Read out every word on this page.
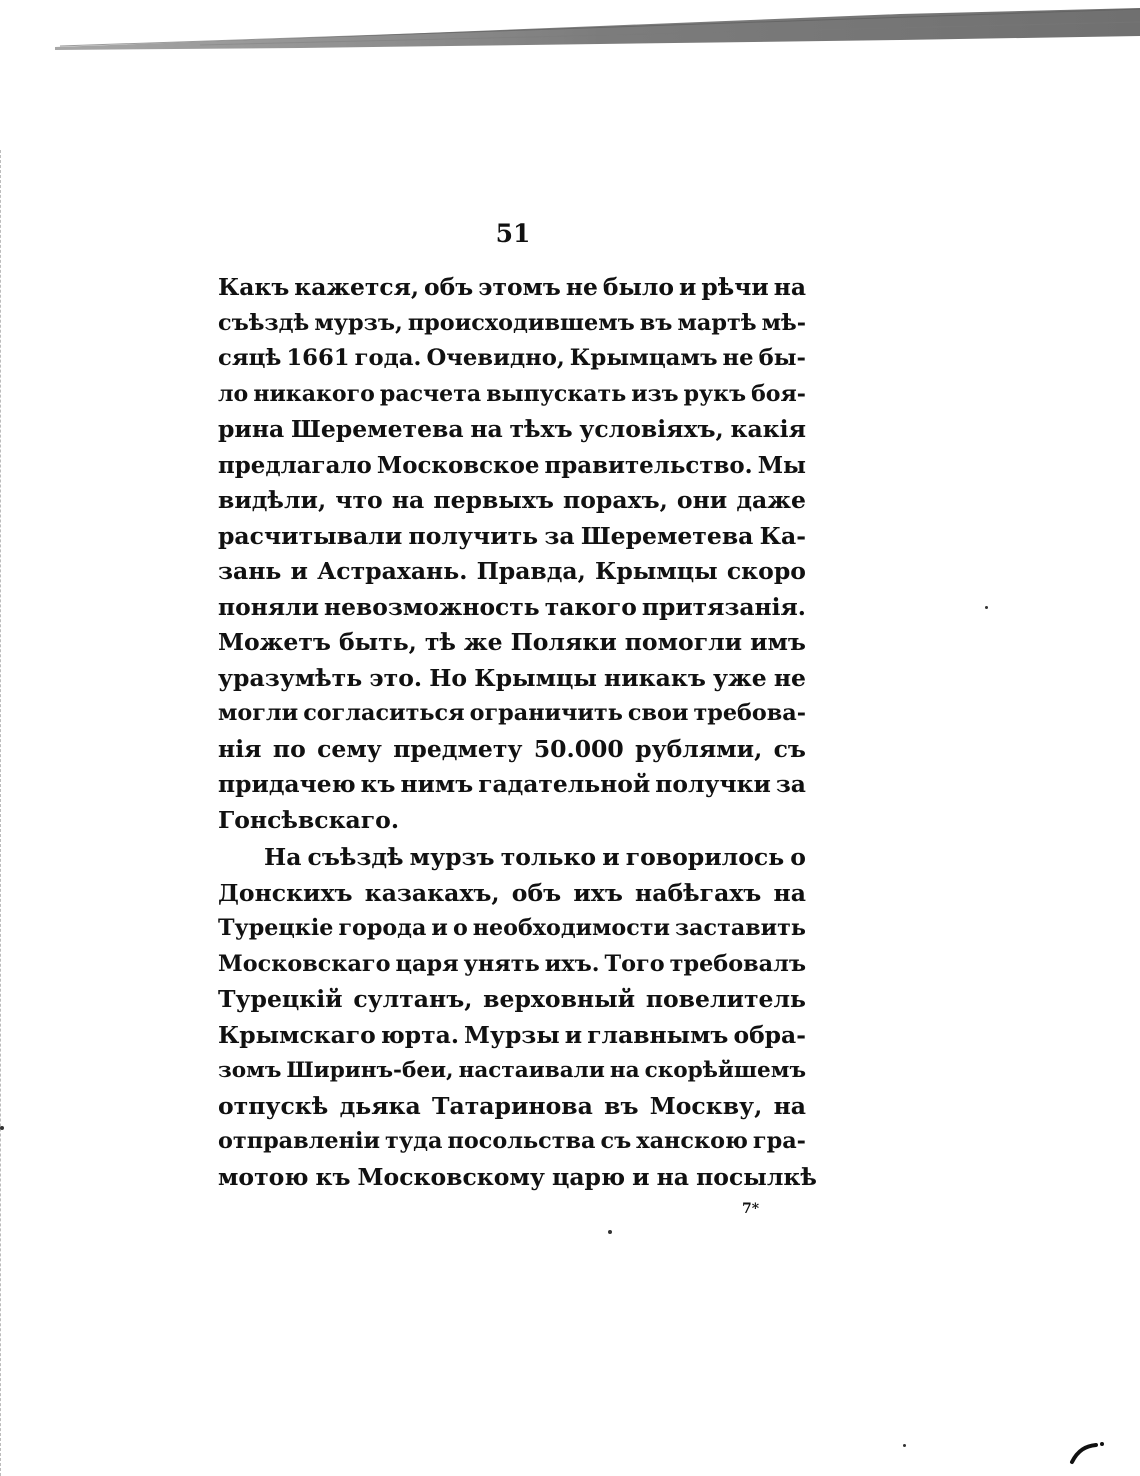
51
Какъ кажется, объ этомъ не было и рѣчи на
съѣздѣ мурзъ, происходившемъ въ мартѣ мѣ-
сяцѣ 1661 года. Очевидно, Крымцамъ не бы-
ло никакого расчета выпускать изъ рукъ боя-
рина Шереметева на тѣхъ условіяхъ, какія
предлагало Московское правительство. Мы
видѣли, что на первыхъ порахъ, они даже
расчитывали получить за Шереметева Ка-
зань и Астрахань. Правда, Крымцы скоро
поняли невозможность такого притязанія.
Можетъ быть, тѣ же Поляки помогли имъ
уразумѣть это. Но Крымцы никакъ уже не
могли согласиться ограничить свои требова-
нія по сему предмету 50.000 рублями, съ
придачею къ нимъ гадательной получки за
Гонсѣвскаго.
На съѣздѣ мурзъ только и говорилось о
Донскихъ казакахъ, объ ихъ набѣгахъ на
Турецкіе города и о необходимости заставить
Московскаго царя унять ихъ. Того требовалъ
Турецкій султанъ, верховный повелитель
Крымскаго юрта. Мурзы и главнымъ обра-
зомъ Ширинъ-беи, настаивали на скорѣйшемъ
отпускѣ дьяка Татаринова въ Москву, на
отправленіи туда посольства съ ханскою гра-
мотою къ Московскому царю и на посылкѣ
7*
